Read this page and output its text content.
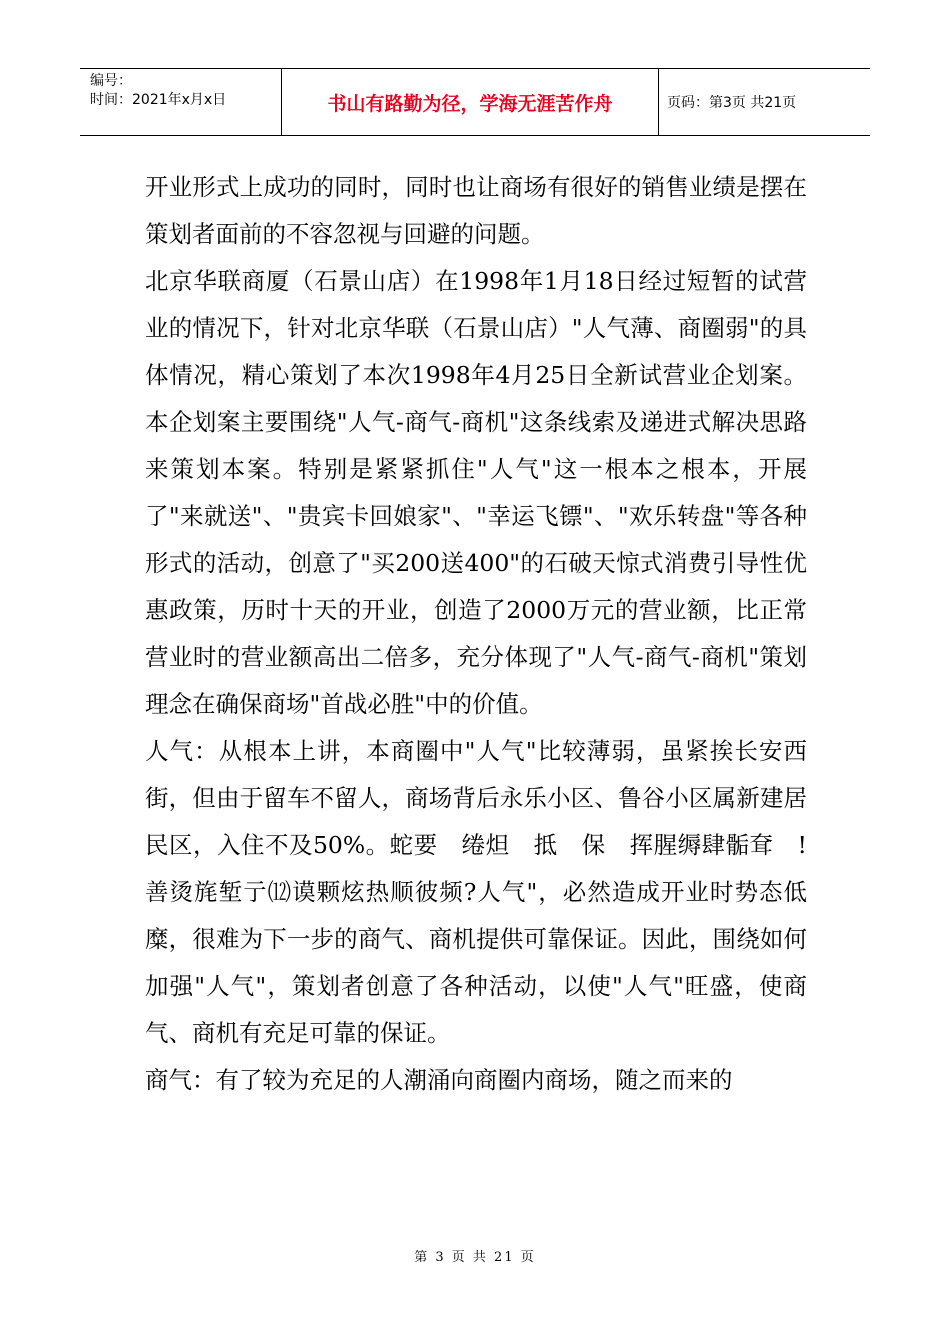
编号：
时间：2021年x月x日	书山有路勤为径，学海无涯苦作舟	页码：第3页 共21页

开业形式上成功的同时，同时也让商场有很好的销售业绩是摆在策划者面前的不容忽视与回避的问题。

北京华联商厦（石景山店）在1998年1月18日经过短暂的试营业的情况下，针对北京华联（石景山店）"人气薄、商圈弱"的具体情况，精心策划了本次1998年4月25日全新试营业企划案。本企划案主要围绕"人气-商气-商机"这条线索及递进式解决思路来策划本案。特别是紧紧抓住"人气"这一根本之根本，开展了"来就送"、"贵宾卡回娘家"、"幸运飞镖"、"欢乐转盘"等各种形式的活动，创意了"买200送400"的石破天惊式消费引导性优惠政策，历时十天的开业，创造了2000万元的营业额，比正常营业时的营业额高出二倍多，充分体现了"人气-商气-商机"策划理念在确保商场"首战必胜"中的价值。

人气：从根本上讲，本商圈中"人气"比较薄弱，虽紧挨长安西街，但由于留车不留人，商场背后永乐小区、鲁谷小区属新建居民区，入住不及50%。蛇要　绻炟　抵　保　挥腥缛肆骺耷　!善烫旄堑亍⑿谟颗炫热顺彼频?人气"，必然造成开业时势态低糜，很难为下一步的商气、商机提供可靠保证。因此，围绕如何加强"人气"，策划者创意了各种活动，以使"人气"旺盛，使商气、商机有充足可靠的保证。

商气：有了较为充足的人潮涌向商圈内商场，随之而来的

第 3 页 共 21 页
